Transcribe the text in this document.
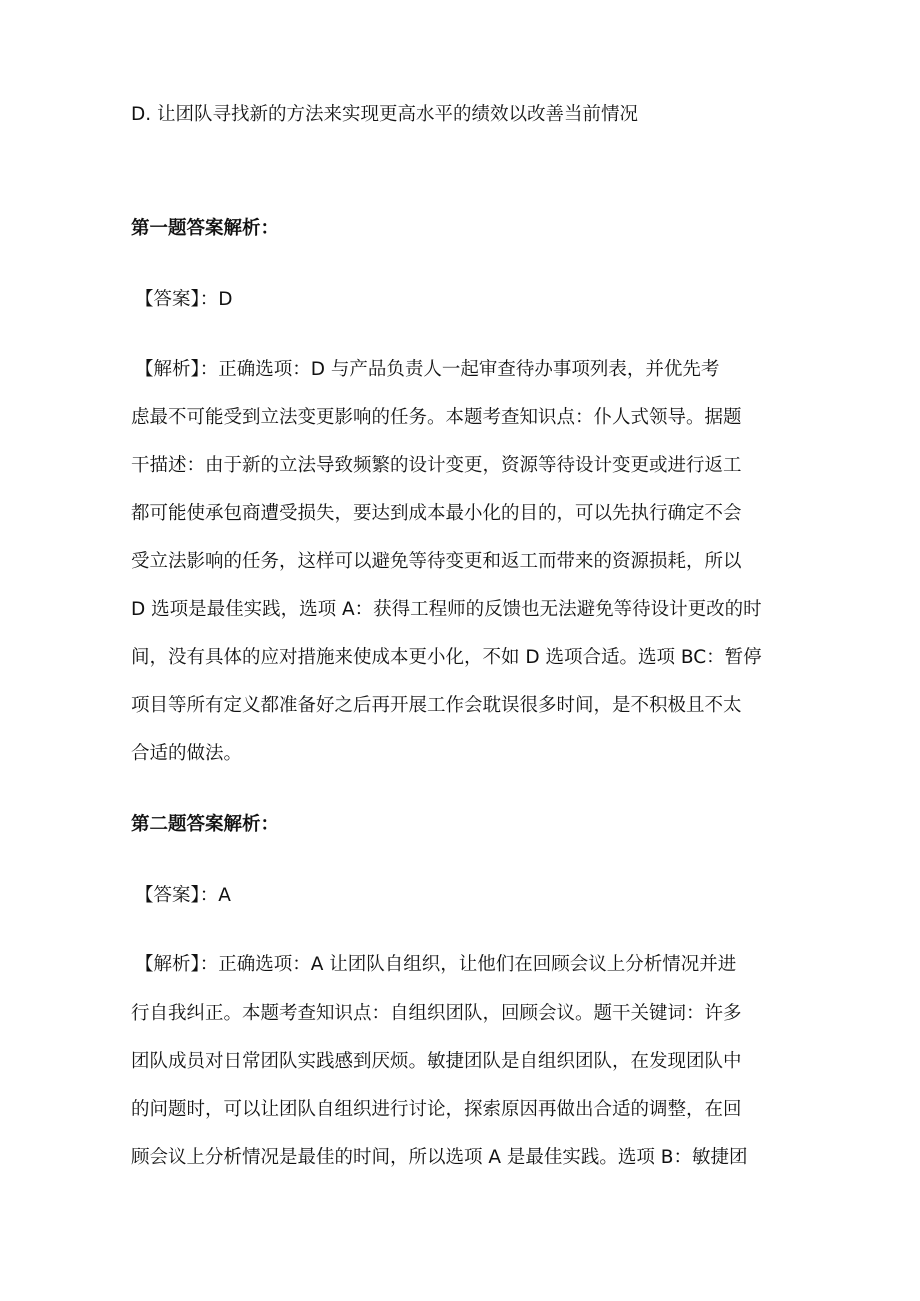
D. 让团队寻找新的方法来实现更高水平的绩效以改善当前情况
第一题答案解析：
【答案】：D
【解析】：正确选项：D 与产品负责人一起审查待办事项列表，并优先考
虑最不可能受到立法变更影响的任务。本题考查知识点：仆人式领导。据题
干描述：由于新的立法导致频繁的设计变更，资源等待设计变更或进行返工
都可能使承包商遭受损失，要达到成本最小化的目的，可以先执行确定不会
受立法影响的任务，这样可以避免等待变更和返工而带来的资源损耗，所以
D 选项是最佳实践，选项 A：获得工程师的反馈也无法避免等待设计更改的时
间，没有具体的应对措施来使成本更小化，不如 D 选项合适。选项 BC：暂停
项目等所有定义都准备好之后再开展工作会耽误很多时间，是不积极且不太
合适的做法。
第二题答案解析：
【答案】：A
【解析】：正确选项：A 让团队自组织，让他们在回顾会议上分析情况并进
行自我纠正。本题考查知识点：自组织团队，回顾会议。题干关键词：许多
团队成员对日常团队实践感到厌烦。敏捷团队是自组织团队，在发现团队中
的问题时，可以让团队自组织进行讨论，探索原因再做出合适的调整，在回
顾会议上分析情况是最佳的时间，所以选项 A 是最佳实践。选项 B：敏捷团
